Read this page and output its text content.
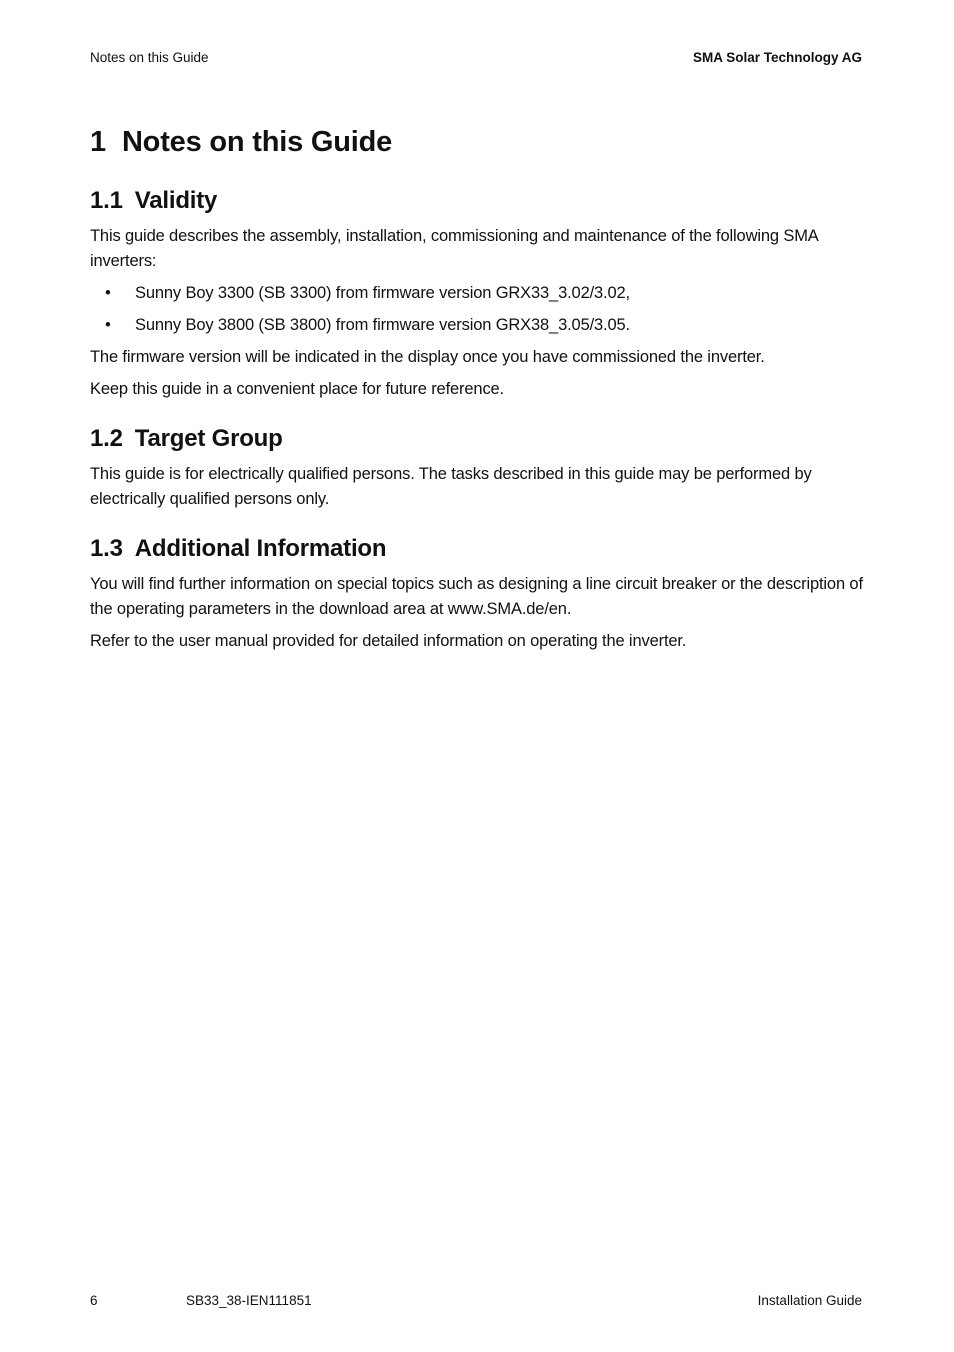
Notes on this Guide	SMA Solar Technology AG
1 Notes on this Guide
1.1 Validity

This guide describes the assembly, installation, commissioning and maintenance of the following SMA inverters:

• Sunny Boy 3300 (SB 3300) from firmware version GRX33_3.02/3.02,
• Sunny Boy 3800 (SB 3800) from firmware version GRX38_3.05/3.05.

The firmware version will be indicated in the display once you have commissioned the inverter.

Keep this guide in a convenient place for future reference.

1.2 Target Group

This guide is for electrically qualified persons. The tasks described in this guide may be performed by electrically qualified persons only.

1.3 Additional Information

You will find further information on special topics such as designing a line circuit breaker or the description of the operating parameters in the download area at www.SMA.de/en.

Refer to the user manual provided for detailed information on operating the inverter.

6	SB33_38-IEN111851	Installation Guide
